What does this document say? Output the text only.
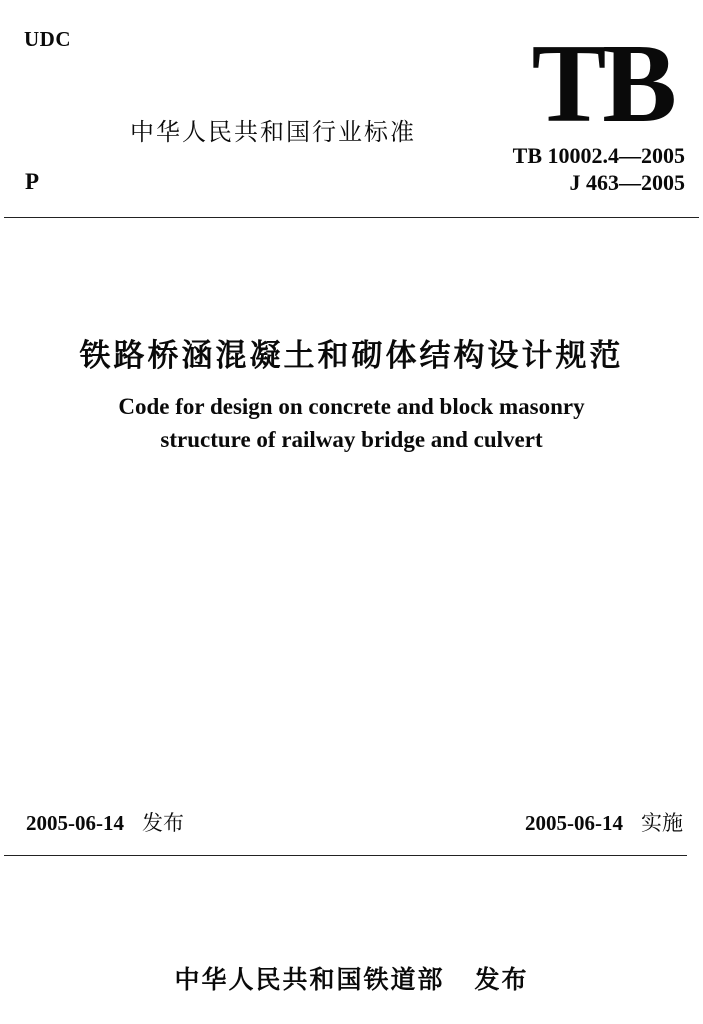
UDC	TB
中华人民共和国行业标准
TB 10002.4—2005
J 463—2005
P
铁路桥涵混凝土和砌体结构设计规范
Code for design on concrete and block masonry
structure of railway bridge and culvert
2005-06-14 发布	2005-06-14 实施
中华人民共和国铁道部 发布
